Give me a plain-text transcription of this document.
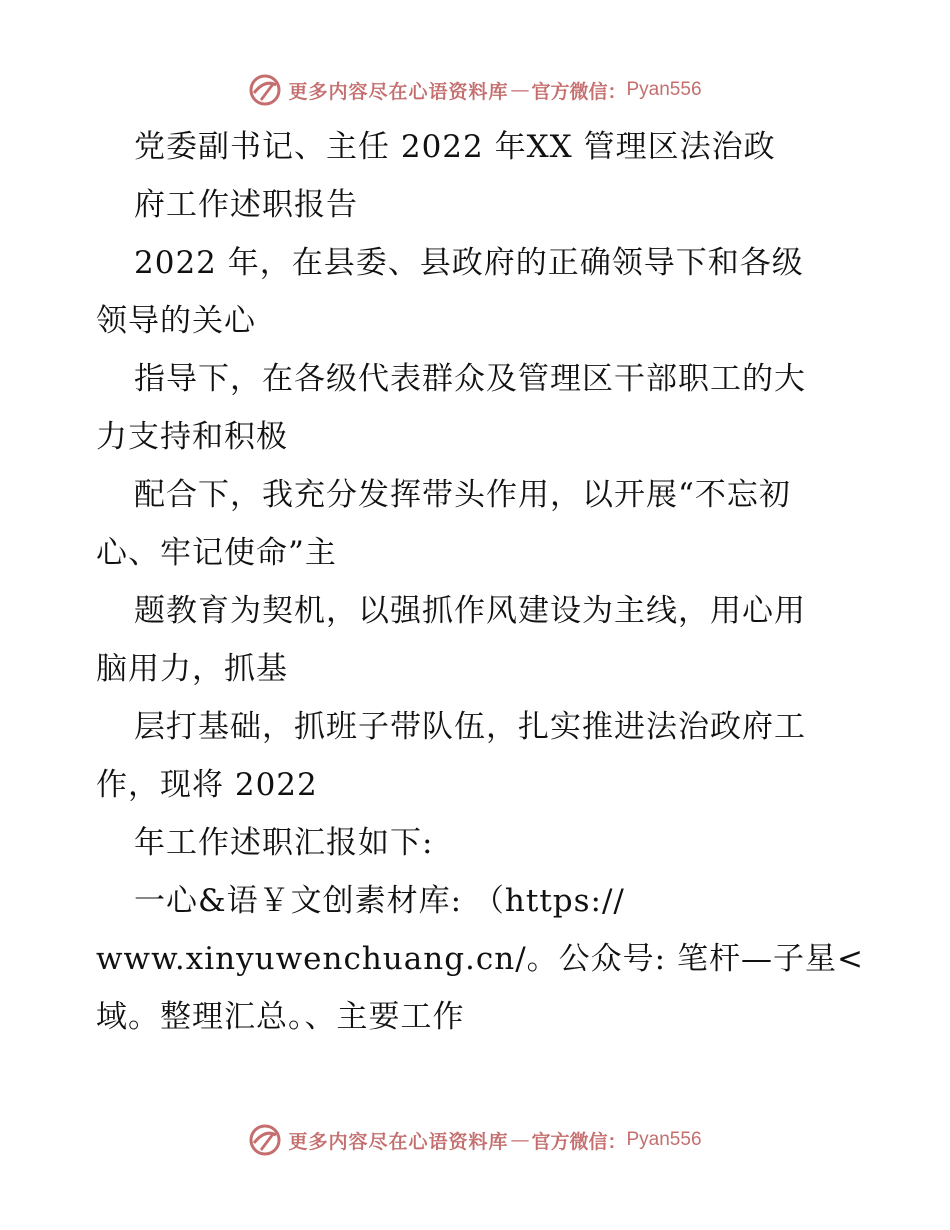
更多内容尽在心语资料库 — 官方微信： Pyan556
党委副书记、主任 2022 年XX 管理区法治政
府工作述职报告
2022 年，在县委、县政府的正确领导下和各级
领导的关心
指导下，在各级代表群众及管理区干部职工的大
力支持和积极
配合下，我充分发挥带头作用，以开展“不忘初
心、牢记使命”主
题教育为契机，以强抓作风建设为主线，用心用
脑用力，抓基
层打基础，抓班子带队伍，扎实推进法治政府工
作，现将 2022
年工作述职汇报如下:
一心&语￥文创素材库: （https://
www.xinyuwenchuang.cn/。公众号: 笔杆—子星<
域。整理汇总。、主要工作
更多内容尽在心语资料库 — 官方微信： Pyan556
